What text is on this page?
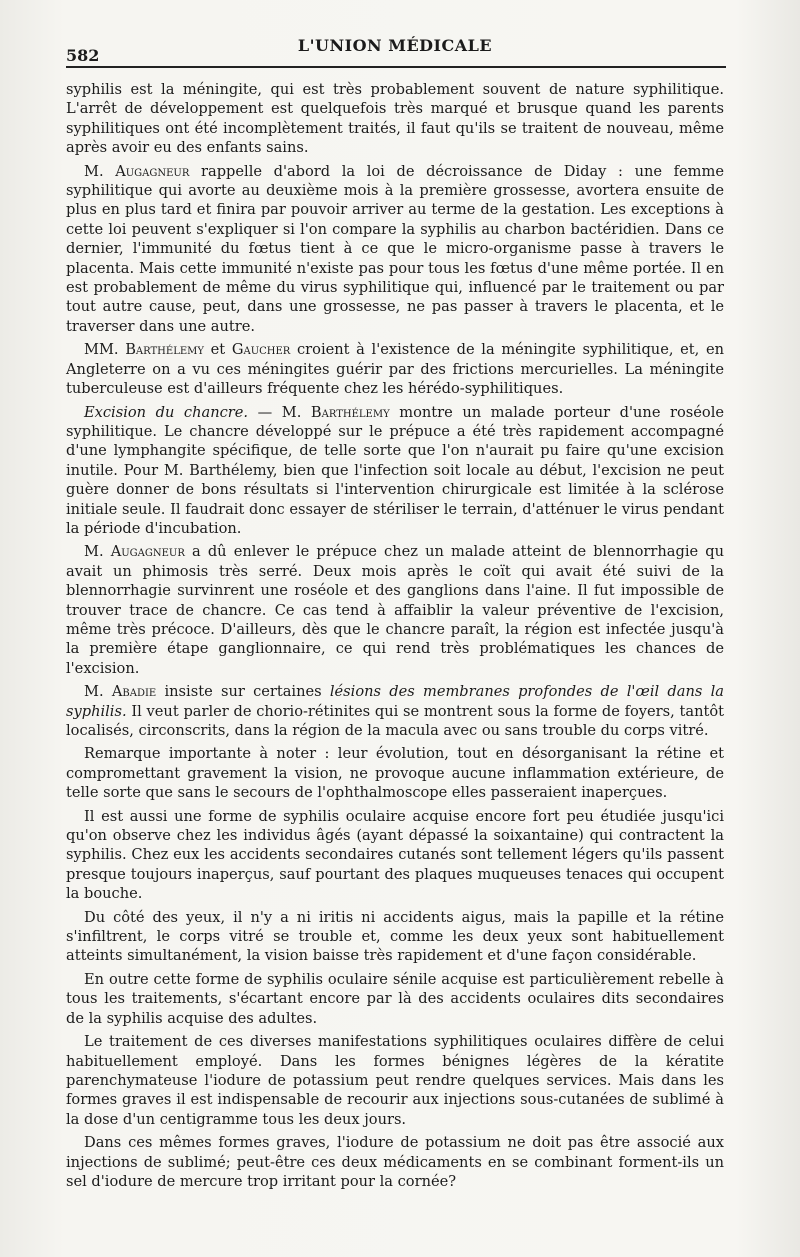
582
L'UNION MÉDICALE

syphilis est la méningite, qui est très probablement souvent de nature syphilitique. L'arrêt de développement est quelquefois très marqué et brusque quand les parents syphilitiques ont été incomplètement traités, il faut qu'ils se traitent de nouveau, même après avoir eu des enfants sains.

M. Augagneur rappelle d'abord la loi de décroissance de Diday : une femme syphilitique qui avorte au deuxième mois à la première grossesse, avortera ensuite de plus en plus tard et finira par pouvoir arriver au terme de la gestation. Les exceptions à cette loi peuvent s'expliquer si l'on compare la syphilis au charbon bactéridien. Dans ce dernier, l'immunité du fœtus tient à ce que le micro-organisme passe à travers le placenta. Mais cette immunité n'existe pas pour tous les fœtus d'une même portée. Il en est probablement de même du virus syphilitique qui, influencé par le traitement ou par tout autre cause, peut, dans une grossesse, ne pas passer à travers le placenta, et le traverser dans une autre.

MM. Barthélemy et Gaucher croient à l'existence de la méningite syphilitique, et, en Angleterre on a vu ces méningites guérir par des frictions mercurielles. La méningite tuberculeuse est d'ailleurs fréquente chez les hérédo-syphilitiques.

Excision du chancre. — M. Barthélemy montre un malade porteur d'une roséole syphilitique. Le chancre développé sur le prépuce a été très rapidement accompagné d'une lymphangite spécifique, de telle sorte que l'on n'aurait pu faire qu'une excision inutile. Pour M. Barthélemy, bien que l'infection soit locale au début, l'excision ne peut guère donner de bons résultats si l'intervention chirurgicale est limitée à la sclérose initiale seule. Il faudrait donc essayer de stériliser le terrain, d'atténuer le virus pendant la période d'incubation.

M. Augagneur a dû enlever le prépuce chez un malade atteint de blennorrhagie qu avait un phimosis très serré. Deux mois après le coït qui avait été suivi de la blennorrhagie survinrent une roséole et des ganglions dans l'aine. Il fut impossible de trouver trace de chancre. Ce cas tend à affaiblir la valeur préventive de l'excision, même très précoce. D'ailleurs, dès que le chancre paraît, la région est infectée jusqu'à la première étape ganglionnaire, ce qui rend très problématiques les chances de l'excision.

M. Abadie insiste sur certaines lésions des membranes profondes de l'œil dans la syphilis. Il veut parler de chorio-rétinites qui se montrent sous la forme de foyers, tantôt localisés, circonscrits, dans la région de la macula avec ou sans trouble du corps vitré.

Remarque importante à noter : leur évolution, tout en désorganisant la rétine et compromettant gravement la vision, ne provoque aucune inflammation extérieure, de telle sorte que sans le secours de l'ophthalmoscope elles passeraient inaperçues.

Il est aussi une forme de syphilis oculaire acquise encore fort peu étudiée jusqu'ici qu'on observe chez les individus âgés (ayant dépassé la soixantaine) qui contractent la syphilis. Chez eux les accidents secondaires cutanés sont tellement légers qu'ils passent presque toujours inaperçus, sauf pourtant des plaques muqueuses tenaces qui occupent la bouche.

Du côté des yeux, il n'y a ni iritis ni accidents aigus, mais la papille et la rétine s'infiltrent, le corps vitré se trouble et, comme les deux yeux sont habituellement atteints simultanément, la vision baisse très rapidement et d'une façon considérable.

En outre cette forme de syphilis oculaire sénile acquise est particulièrement rebelle à tous les traitements, s'écartant encore par là des accidents oculaires dits secondaires de la syphilis acquise des adultes.

Le traitement de ces diverses manifestations syphilitiques oculaires diffère de celui habituellement employé. Dans les formes bénignes légères de la kératite parenchymateuse l'iodure de potassium peut rendre quelques services. Mais dans les formes graves il est indispensable de recourir aux injections sous-cutanées de sublimé à la dose d'un centigramme tous les deux jours.

Dans ces mêmes formes graves, l'iodure de potassium ne doit pas être associé aux injections de sublimé; peut-être ces deux médicaments en se combinant forment-ils un sel d'iodure de mercure trop irritant pour la cornée?
